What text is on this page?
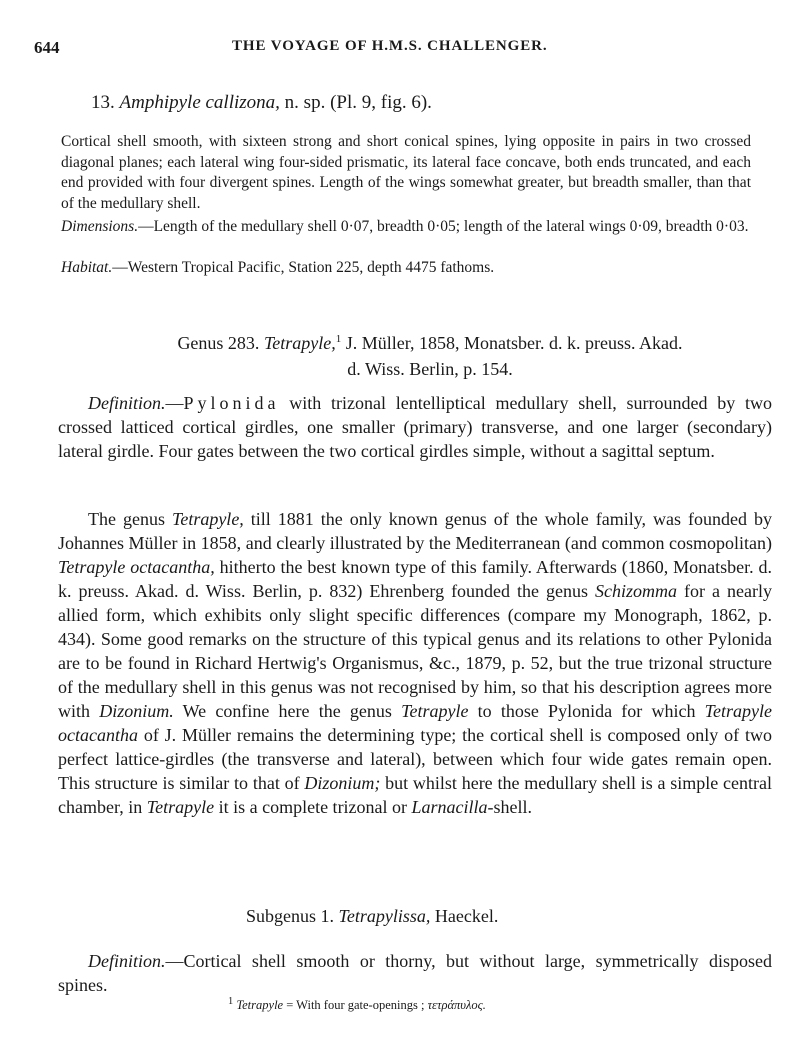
644	THE VOYAGE OF H.M.S. CHALLENGER.

13. Amphipyle callizona, n. sp. (Pl. 9, fig. 6).

Cortical shell smooth, with sixteen strong and short conical spines, lying opposite in pairs in two crossed diagonal planes; each lateral wing four-sided prismatic, its lateral face concave, both ends truncated, and each end provided with four divergent spines. Length of the wings somewhat greater, but breadth smaller, than that of the medullary shell.

Dimensions.—Length of the medullary shell 0·07, breadth 0·05; length of the lateral wings 0·09, breadth 0·03.

Habitat.—Western Tropical Pacific, Station 225, depth 4475 fathoms.

Genus 283. Tetrapyle,$^1$ J. Müller, 1858, Monatsber. d. k. preuss. Akad.
d. Wiss. Berlin, p. 154.

Definition.—Pylonida with trizonal lentelliptical medullary shell, surrounded by two crossed latticed cortical girdles, one smaller (primary) transverse, and one larger (secondary) lateral girdle. Four gates between the two cortical girdles simple, without a sagittal septum.

The genus Tetrapyle, till 1881 the only known genus of the whole family, was founded by Johannes Müller in 1858, and clearly illustrated by the Mediterranean (and common cosmopolitan) Tetrapyle octacantha, hitherto the best known type of this family. Afterwards (1860, Monatsber. d. k. preuss. Akad. d. Wiss. Berlin, p. 832) Ehrenberg founded the genus Schizomma for a nearly allied form, which exhibits only slight specific differences (compare my Monograph, 1862, p. 434). Some good remarks on the structure of this typical genus and its relations to other Pylonida are to be found in Richard Hertwig's Organismus, &c., 1879, p. 52, but the true trizonal structure of the medullary shell in this genus was not recognised by him, so that his description agrees more with Dizonium. We confine here the genus Tetrapyle to those Pylonida for which Tetrapyle octacantha of J. Müller remains the determining type; the cortical shell is composed only of two perfect lattice-girdles (the transverse and lateral), between which four wide gates remain open. This structure is similar to that of Dizonium; but whilst here the medullary shell is a simple central chamber, in Tetrapyle it is a complete trizonal or Larnacilla-shell.

Subgenus 1. Tetrapylissa, Haeckel.

Definition.—Cortical shell smooth or thorny, but without large, symmetrically disposed spines.

$^1$ Tetrapyle = With four gate-openings ; τετράπυλος.
